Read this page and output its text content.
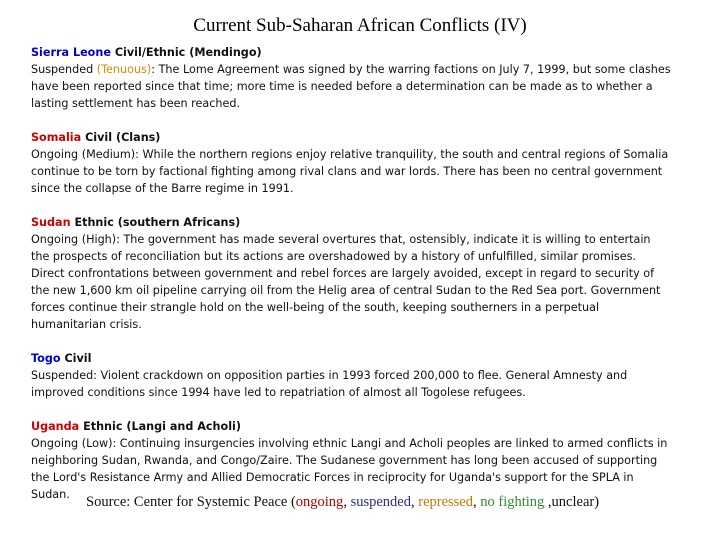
Current Sub-Saharan African Conflicts (IV)
Sierra Leone Civil/Ethnic (Mendingo)

Suspended (Tenuous): The Lome Agreement was signed by the warring factions on July 7, 1999, but some clashes have been reported since that time; more time is needed before a determination can be made as to whether a lasting settlement has been reached.

Somalia Civil (Clans)

Ongoing (Medium): While the northern regions enjoy relative tranquility, the south and central regions of Somalia continue to be torn by factional fighting among rival clans and war lords. There has been no central government since the collapse of the Barre regime in 1991.

Sudan Ethnic (southern Africans)

Ongoing (High): The government has made several overtures that, ostensibly, indicate it is willing to entertain the prospects of reconciliation but its actions are overshadowed by a history of unfulfilled, similar promises. Direct confrontations between government and rebel forces are largely avoided, except in regard to security of the new 1,600 km oil pipeline carrying oil from the Helig area of central Sudan to the Red Sea port. Government forces continue their strangle hold on the well-being of the south, keeping southerners in a perpetual humanitarian crisis.

Togo Civil

Suspended: Violent crackdown on opposition parties in 1993 forced 200,000 to flee. General Amnesty and improved conditions since 1994 have led to repatriation of almost all Togolese refugees.

Uganda Ethnic (Langi and Acholi)

Ongoing (Low): Continuing insurgencies involving ethnic Langi and Acholi peoples are linked to armed conflicts in neighboring Sudan, Rwanda, and Congo/Zaire. The Sudanese government has long been accused of supporting the Lord's Resistance Army and Allied Democratic Forces in reciprocity for Uganda's support for the SPLA in Sudan.	Source: Center for Systemic Peace (ongoing, suspended, repressed, no fighting ,unclear)
